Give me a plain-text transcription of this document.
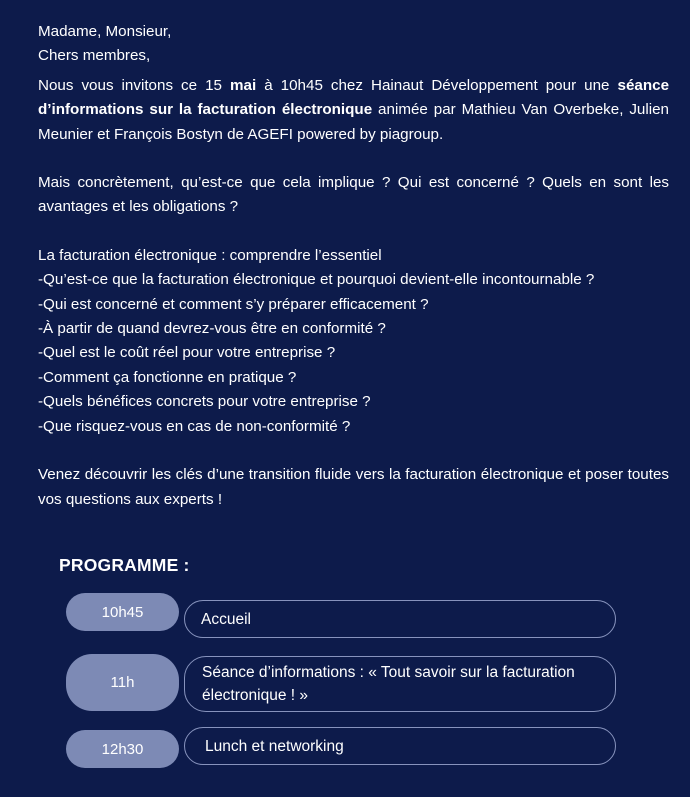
Madame, Monsieur,

Chers membres,

Nous vous invitons ce 15 mai à 10h45 chez Hainaut Développement pour une séance d’informations sur la facturation électronique animée par Mathieu Van Overbeke, Julien Meunier et François Bostyn de AGEFI powered by piagroup.

Mais concrètement, qu’est-ce que cela implique ? Qui est concerné ? Quels en sont les avantages et les obligations ?

La facturation électronique : comprendre l’essentiel

-Qu’est-ce que la facturation électronique et pourquoi devient-elle incontournable ?

-Qui est concerné et comment s’y préparer efficacement ?

-À partir de quand devrez-vous être en conformité ?

-Quel est le coût réel pour votre entreprise ?

-Comment ça fonctionne en pratique ?

-Quels bénéfices concrets pour votre entreprise ?

-Que risquez-vous en cas de non-conformité ?

Venez découvrir les clés d’une transition fluide vers la facturation électronique et poser toutes vos questions aux experts !

PROGRAMME :
10h45	Accueil
11h
Séance d’informations : « Tout savoir sur la facturation électronique ! »
12h30	Lunch et networking
